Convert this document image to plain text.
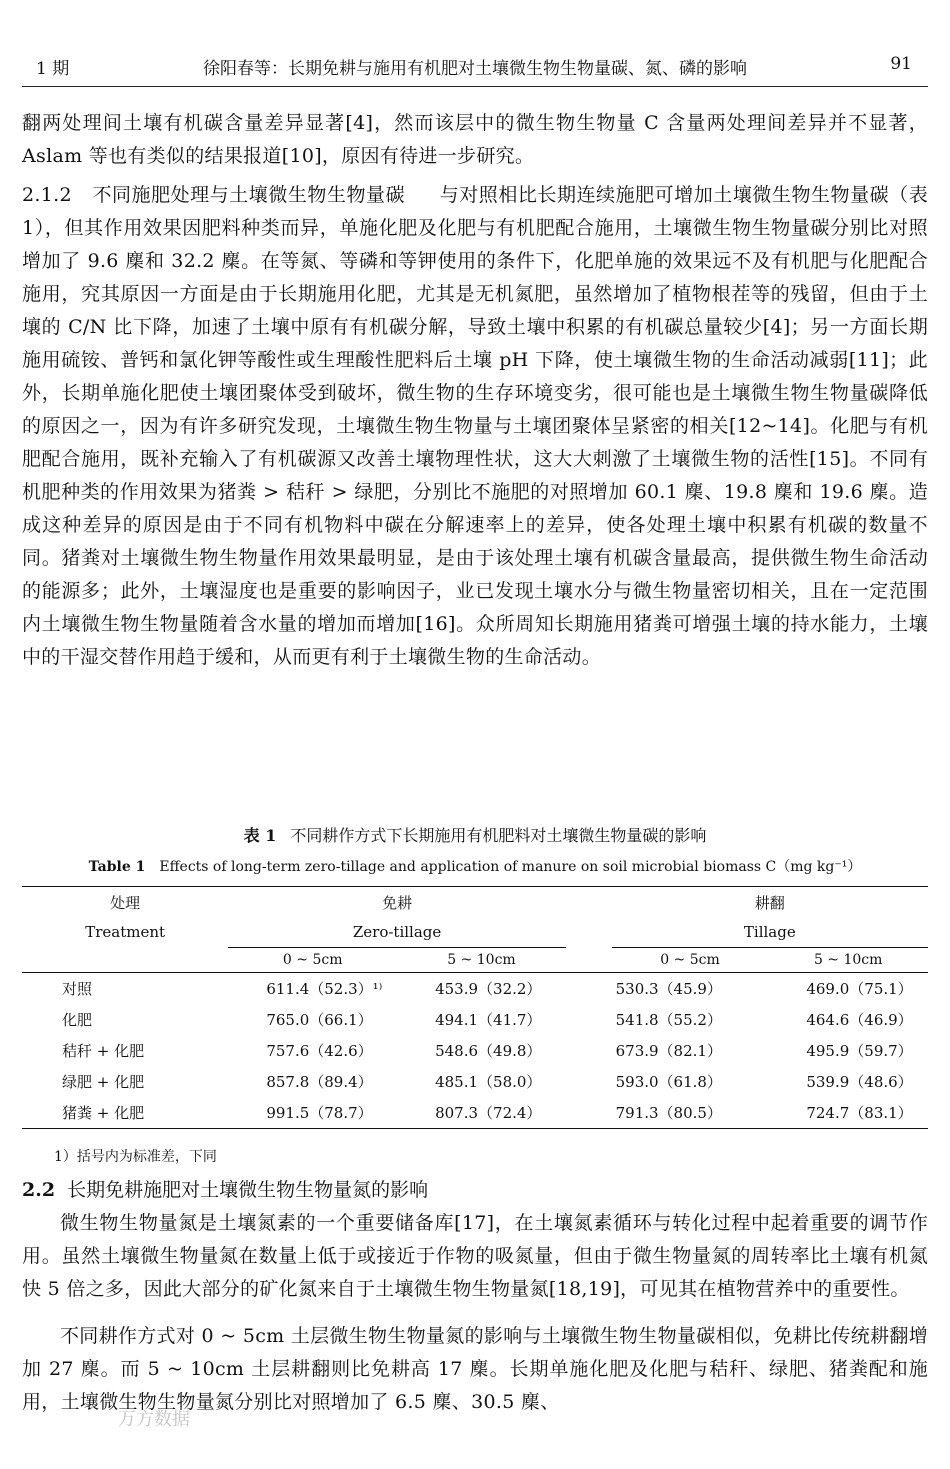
1 期	徐阳春等：长期免耕与施用有机肥对土壤微生物生物量碳、氮、磷的影响	91

翻两处理间土壤有机碳含量差异显著[4]，然而该层中的微生物生物量 C 含量两处理间差异并不显著，Aslam 等也有类似的结果报道[10]，原因有待进一步研究。

2.1.2 不同施肥处理与土壤微生物生物量碳 与对照相比长期连续施肥可增加土壤微生物生物量碳（表 1），但其作用效果因肥料种类而异，单施化肥及化肥与有机肥配合施用，土壤微生物生物量碳分别比对照增加了 9.6 䴢和 32.2 䴢。在等氮、等磷和等钾使用的条件下，化肥单施的效果远不及有机肥与化肥配合施用，究其原因一方面是由于长期施用化肥，尤其是无机氮肥，虽然增加了植物根茬等的残留，但由于土壤的 C/N 比下降，加速了土壤中原有有机碳分解，导致土壤中积累的有机碳总量较少[4]；另一方面长期施用硫铵、普钙和氯化钾等酸性或生理酸性肥料后土壤 pH 下降，使土壤微生物的生命活动减弱[11]；此外，长期单施化肥使土壤团聚体受到破坏，微生物的生存环境变劣，很可能也是土壤微生物生物量碳降低的原因之一，因为有许多研究发现，土壤微生物生物量与土壤团聚体呈紧密的相关[12~14]。化肥与有机肥配合施用，既补充输入了有机碳源又改善土壤物理性状，这大大刺激了土壤微生物的活性[15]。不同有机肥种类的作用效果为猪粪 > 秸秆 > 绿肥，分别比不施肥的对照增加 60.1 䴢、19.8 䴢和 19.6 䴢。造成这种差异的原因是由于不同有机物料中碳在分解速率上的差异，使各处理土壤中积累有机碳的数量不同。猪粪对土壤微生物生物量作用效果最明显，是由于该处理土壤有机碳含量最高，提供微生物生命活动的能源多；此外，土壤湿度也是重要的影响因子，业已发现土壤水分与微生物量密切相关，且在一定范围内土壤微生物生物量随着含水量的增加而增加[16]。众所周知长期施用猪粪可增强土壤的持水能力，土壤中的干湿交替作用趋于缓和，从而更有利于土壤微生物的生命活动。

表 1 不同耕作方式下长期施用有机肥料对土壤微生物量碳的影响
Table 1 Effects of long-term zero-tillage and application of manure on soil microbial biomass C（mg kg⁻¹）
处理	免耕			耕翻	
Treatment	Zero-tillage			Tillage	
	0 ~ 5cm	5 ~ 10cm		0 ~ 5cm	5 ~ 10cm
对照	611.4（52.3）¹⁾	453.9（32.2）		530.3（45.9）	469.0（75.1）
化肥	765.0（66.1）	494.1（41.7）		541.8（55.2）	464.6（46.9）
秸秆 + 化肥	757.6（42.6）	548.6（49.8）		673.9（82.1）	495.9（59.7）
绿肥 + 化肥	857.8（89.4）	485.1（58.0）		593.0（61.8）	539.9（48.6）
猪粪 + 化肥	991.5（78.7）	807.3（72.4）		791.3（80.5）	724.7（83.1）
1）括号内为标准差，下同
2.2 长期免耕施肥对土壤微生物生物量氮的影响

微生物生物量氮是土壤氮素的一个重要储备库[17]，在土壤氮素循环与转化过程中起着重要的调节作用。虽然土壤微生物量氮在数量上低于或接近于作物的吸氮量，但由于微生物量氮的周转率比土壤有机氮快 5 倍之多，因此大部分的矿化氮来自于土壤微生物生物量氮[18,19]，可见其在植物营养中的重要性。

不同耕作方式对 0 ~ 5cm 土层微生物生物量氮的影响与土壤微生物生物量碳相似，免耕比传统耕翻增加 27 䴢。而 5 ~ 10cm 土层耕翻则比免耕高 17 䴢。长期单施化肥及化肥与秸秆、绿肥、猪粪配和施用，土壤微生物生物量氮分别比对照增加了 6.5 䴢、30.5 䴢、

万方数据
